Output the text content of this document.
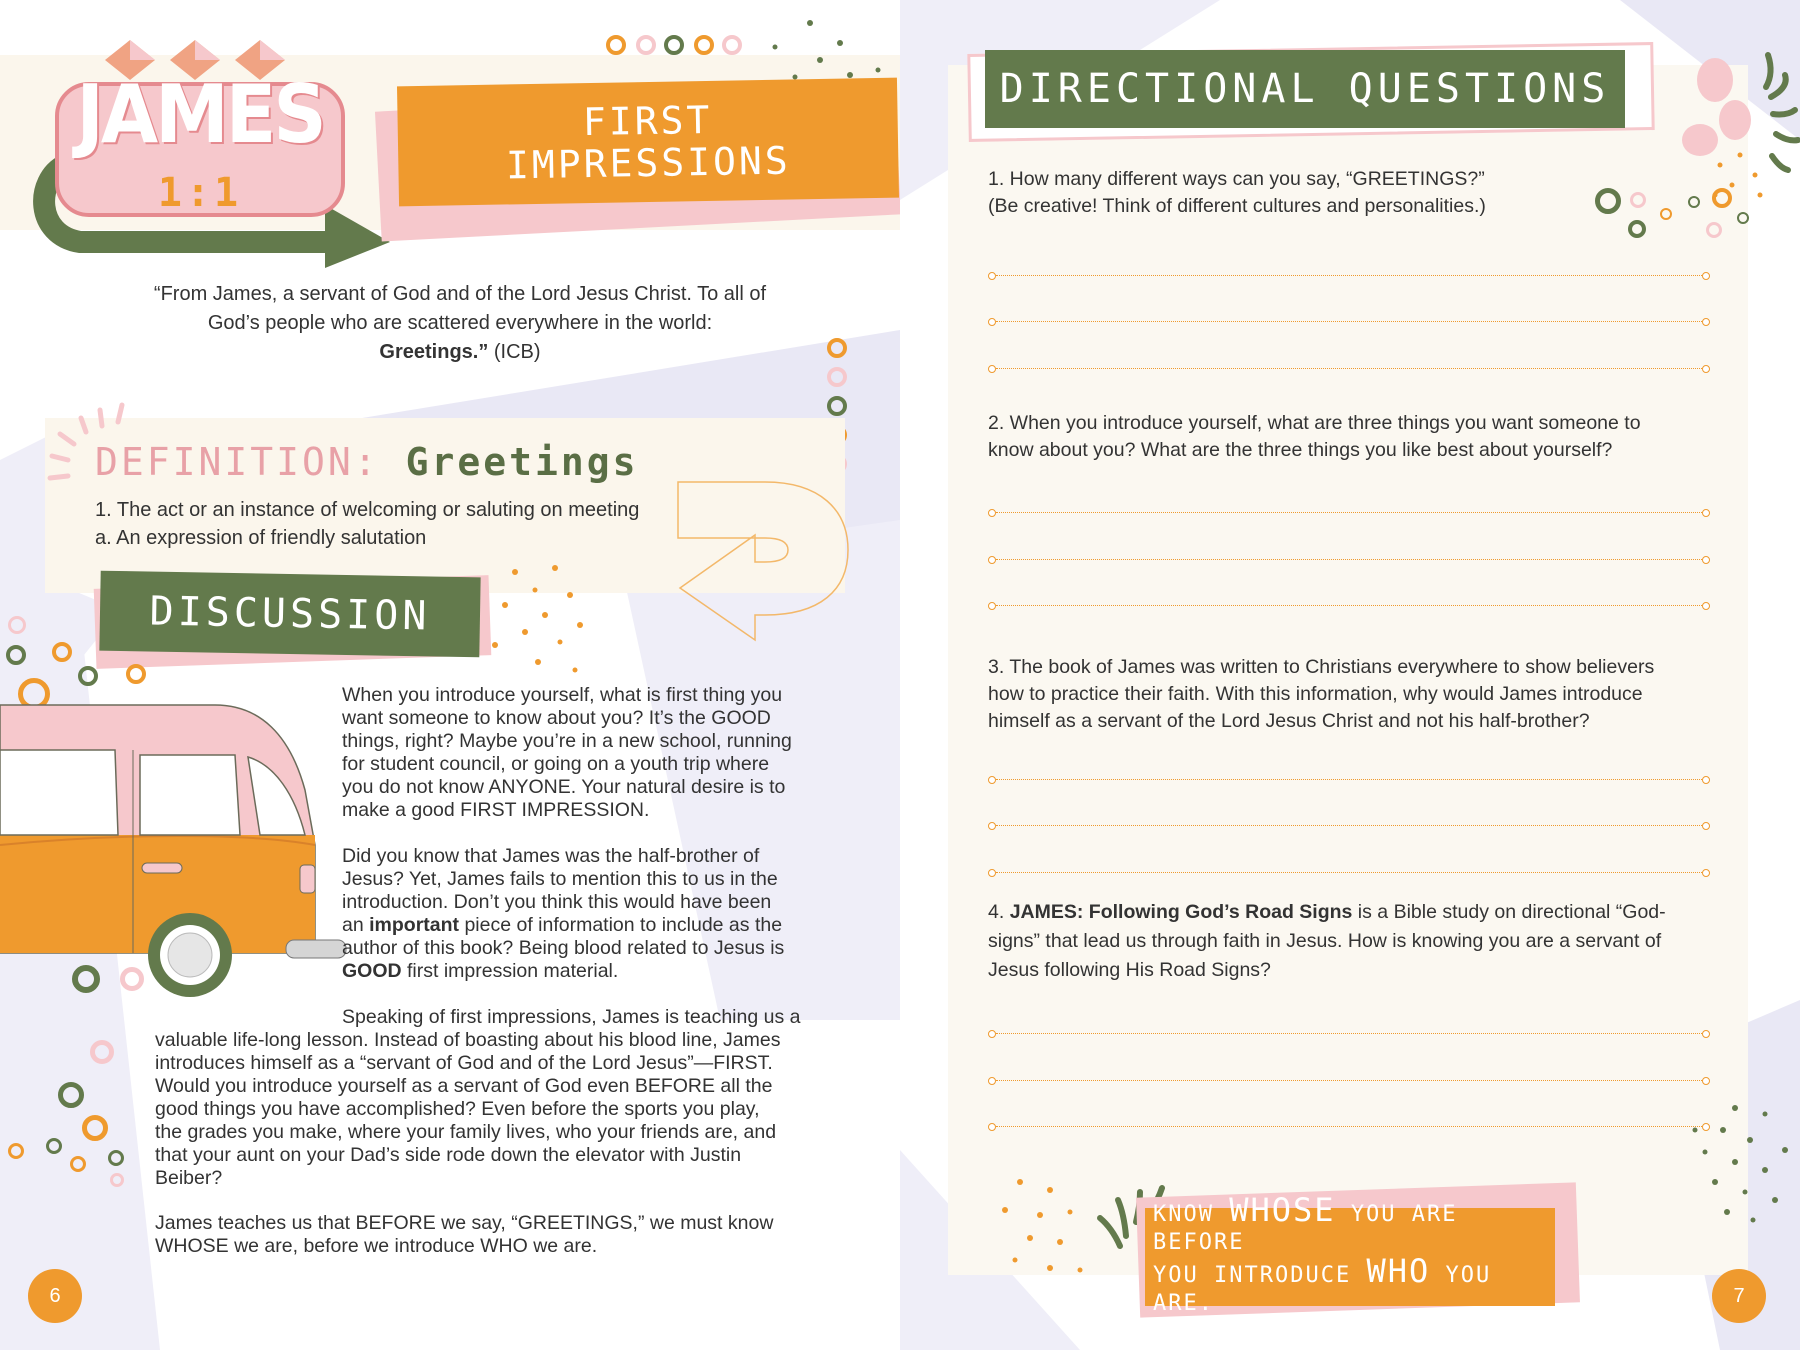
JAMES
1:1
FIRST
IMPRESSIONS
“From James, a servant of God and of the Lord Jesus Christ. To all of
God’s people who are scattered everywhere in the world:
Greetings.” (ICB)
DEFINITION: Greetings
1. The act or an instance of welcoming or saluting on meeting
a. An expression of friendly salutation
DISCUSSION
When you introduce yourself, what is first thing you
want someone to know about you? It’s the GOOD
things, right? Maybe you’re in a new school, running
for student council, or going on a youth trip where
you do not know ANYONE. Your natural desire is to
make a good FIRST IMPRESSION.
Did you know that James was the half-brother of
Jesus? Yet, James fails to mention this to us in the
introduction. Don’t you think this would have been
an important piece of information to include as the
author of this book? Being blood related to Jesus is
GOOD first impression material.
Speaking of first impressions, James is teaching us a
valuable life-long lesson. Instead of boasting about his blood line, James
introduces himself as a “servant of God and of the Lord Jesus”—FIRST.
Would you introduce yourself as a servant of God even BEFORE all the
good things you have accomplished? Even before the sports you play,
the grades you make, where your family lives, who your friends are, and
that your aunt on your Dad’s side rode down the elevator with Justin
Beiber?
James teaches us that BEFORE we say, “GREETINGS,” we must know
WHOSE we are, before we introduce WHO we are.
6
DIRECTIONAL QUESTIONS
1. How many different ways can you say, “GREETINGS?”
(Be creative! Think of different cultures and personalities.)
2. When you introduce yourself, what are three things you want someone to
know about you? What are the three things you like best about yourself?
3. The book of James was written to Christians everywhere to show believers
how to practice their faith. With this information, why would James introduce
himself as a servant of the Lord Jesus Christ and not his half-brother?
4. JAMES: Following God’s Road Signs is a Bible study on directional “God-
signs” that lead us through faith in Jesus. How is knowing you are a servant of
Jesus following His Road Signs?
KNOW WHOSE YOU ARE BEFORE
YOU INTRODUCE WHO YOU ARE.	7
